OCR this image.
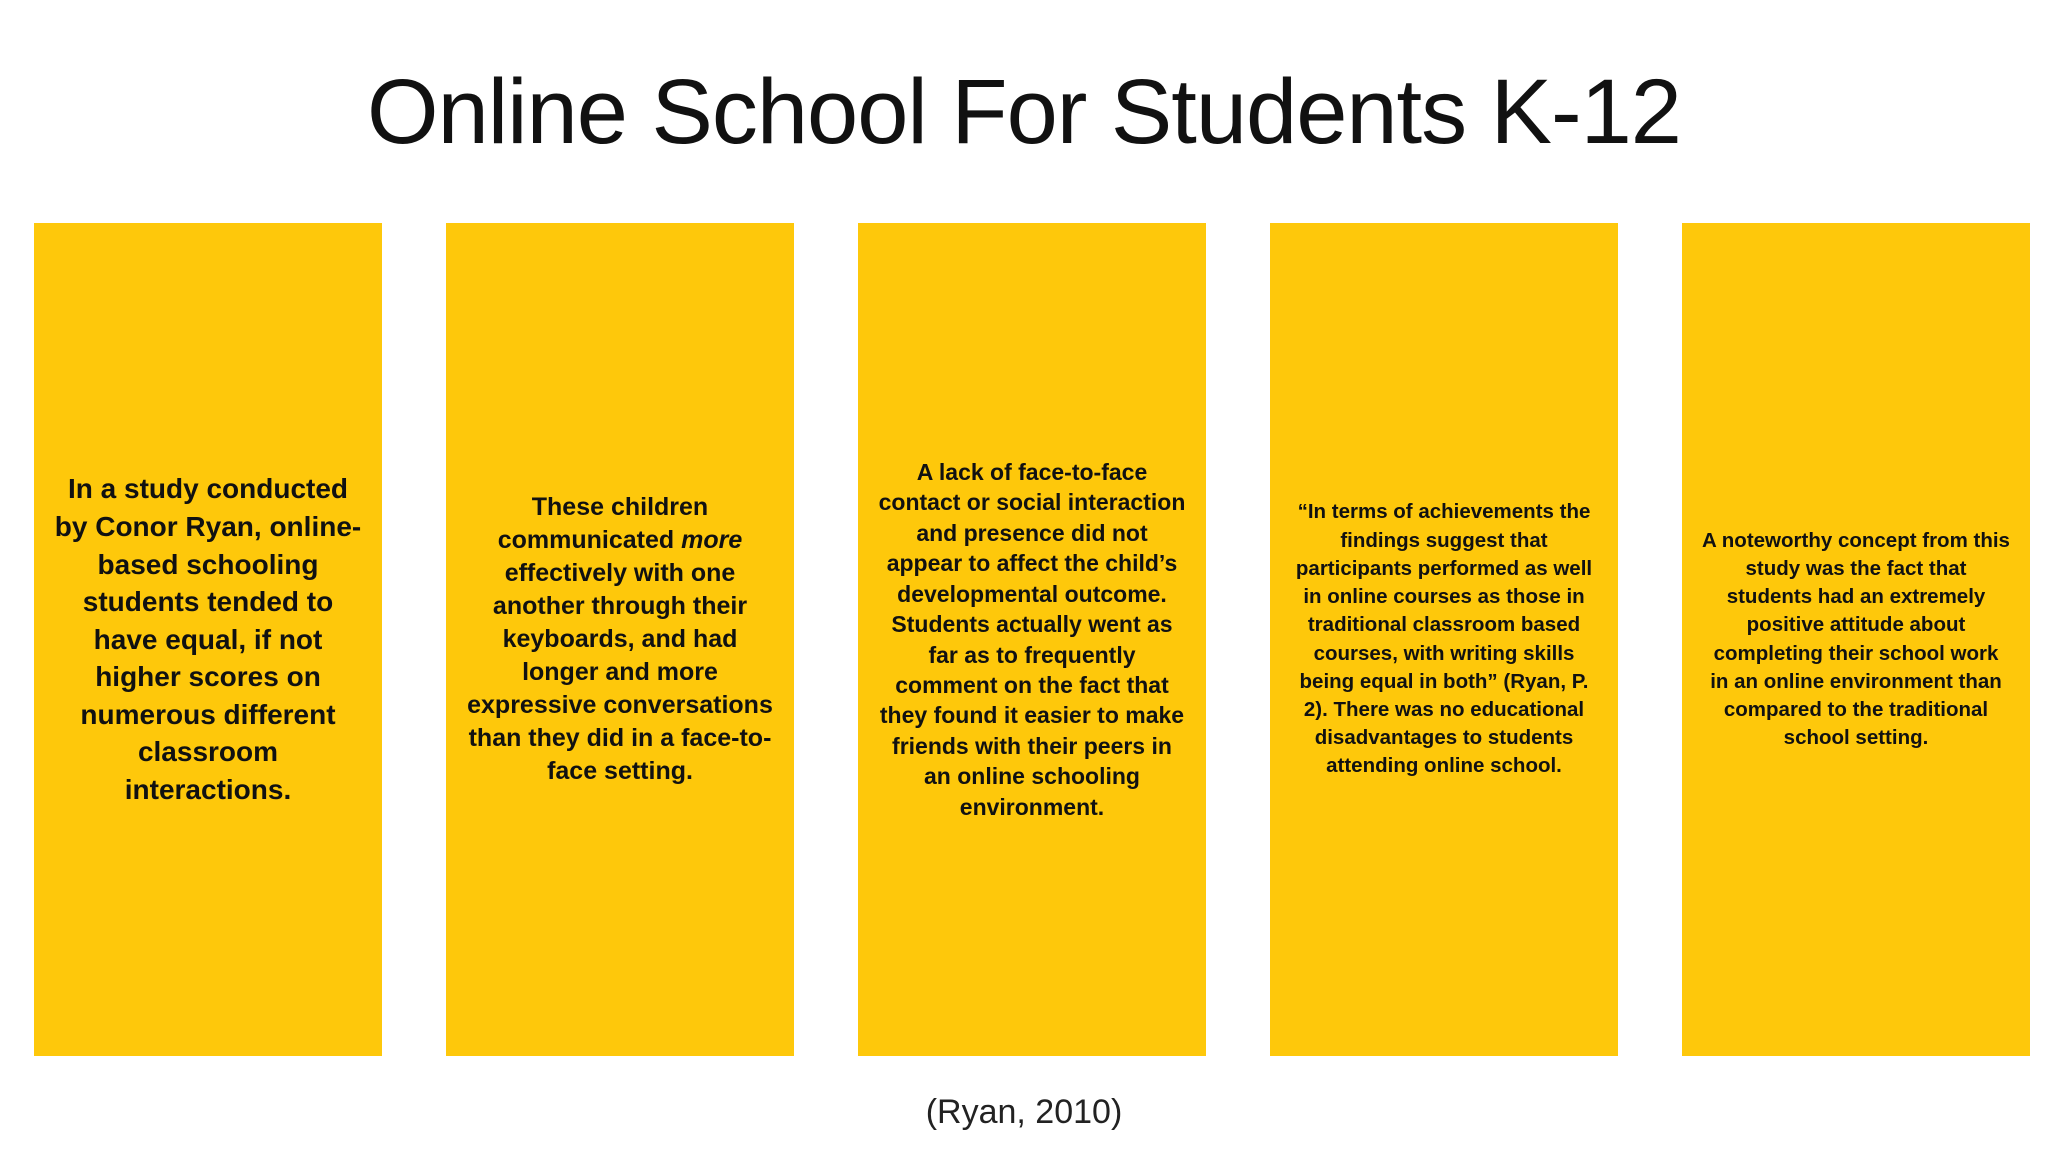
Online School For Students K-12

In a study conducted by Conor Ryan, online-based schooling students tended to have equal, if not higher scores on numerous different classroom interactions.

These children communicated more effectively with one another through their keyboards, and had longer and more expressive conversations than they did in a face-to-face setting.

A lack of face-to-face contact or social interaction and presence did not appear to affect the child’s developmental outcome. Students actually went as far as to frequently comment on the fact that they found it easier to make friends with their peers in an online schooling environment.

“In terms of achievements the findings suggest that participants performed as well in online courses as those in traditional classroom based courses, with writing skills being equal in both” (Ryan, P. 2). There was no educational disadvantages to students attending online school.

A noteworthy concept from this study was the fact that students had an extremely positive attitude about completing their school work in an online environment than compared to the traditional school setting.

(Ryan, 2010)
